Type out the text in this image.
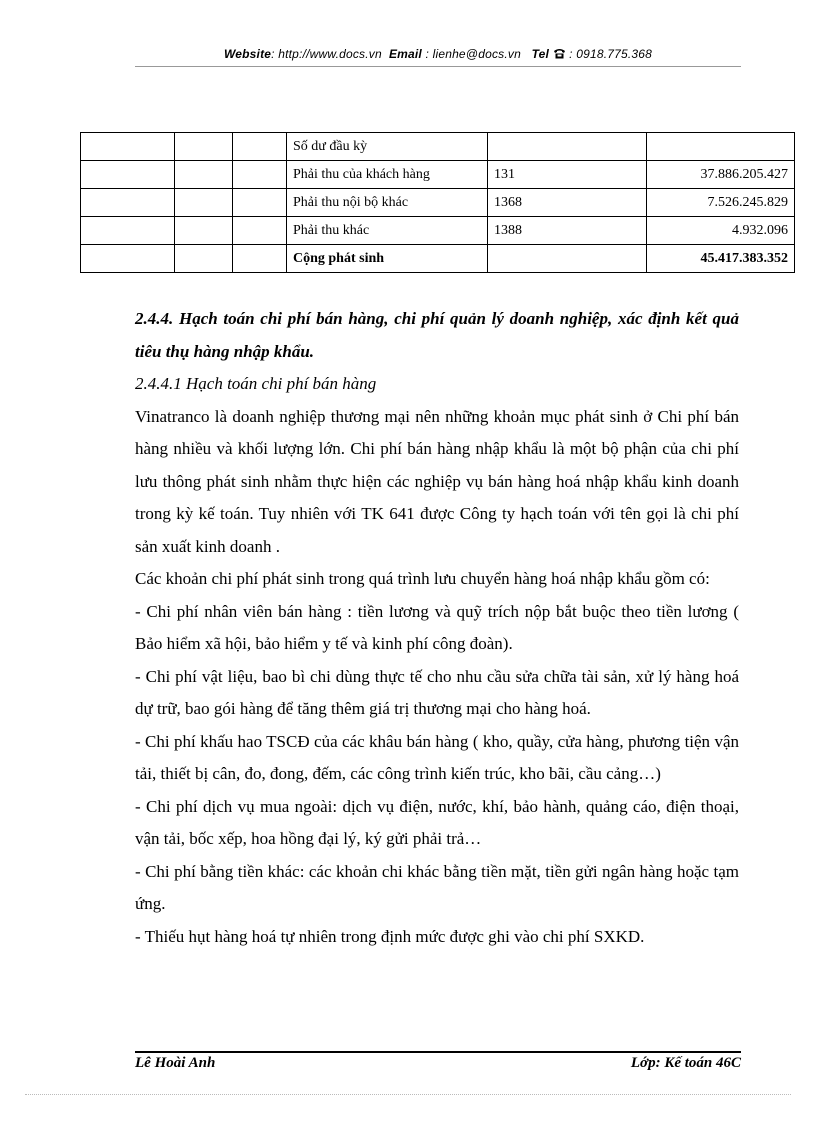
Website: http://www.docs.vn Email : lienhe@docs.vn Tel : 0918.775.368
			Số dư đầu kỳ		
			Phải thu của khách hàng	131	37.886.205.427
			Phải thu nội bộ khác	1368	7.526.245.829
			Phải thu khác	1388	4.932.096
			Cộng phát sinh		45.417.383.352

2.4.4. Hạch toán chi phí bán hàng, chi phí quản lý doanh nghiệp, xác định kết quả tiêu thụ hàng nhập khẩu.

2.4.4.1 Hạch toán chi phí bán hàng

Vinatranco là doanh nghiệp thương mại nên những khoản mục phát sinh ở Chi phí bán hàng nhiều và khối lượng lớn. Chi phí bán hàng nhập khẩu là một bộ phận của chi phí lưu thông phát sinh nhằm thực hiện các nghiệp vụ bán hàng hoá nhập khẩu kinh doanh trong kỳ kế toán. Tuy nhiên với TK 641 được Công ty hạch toán với tên gọi là chi phí sản xuất kinh doanh .

Các khoản chi phí phát sinh trong quá trình lưu chuyển hàng hoá nhập khẩu gồm có:

- Chi phí nhân viên bán hàng : tiền lương và quỹ trích nộp bắt buộc theo tiền lương ( Bảo hiểm xã hội, bảo hiểm y tế và kinh phí công đoàn).

- Chi phí vật liệu, bao bì chi dùng thực tế cho nhu cầu sửa chữa tài sản, xử lý hàng hoá dự trữ, bao gói hàng để tăng thêm giá trị thương mại cho hàng hoá.

- Chi phí khấu hao TSCĐ của các khâu bán hàng ( kho, quầy, cửa hàng, phương tiện vận tải, thiết bị cân, đo, đong, đếm, các công trình kiến trúc, kho bãi, cầu cảng…)

- Chi phí dịch vụ mua ngoài: dịch vụ điện, nước, khí, bảo hành, quảng cáo, điện thoại, vận tải, bốc xếp, hoa hồng đại lý, ký gửi phải trả…

- Chi phí bằng tiền khác: các khoản chi khác bằng tiền mặt, tiền gửi ngân hàng hoặc tạm ứng.

- Thiếu hụt hàng hoá tự nhiên trong định mức được ghi vào chi phí SXKD.

Lê Hoài Anh	Lớp: Kế toán 46C
